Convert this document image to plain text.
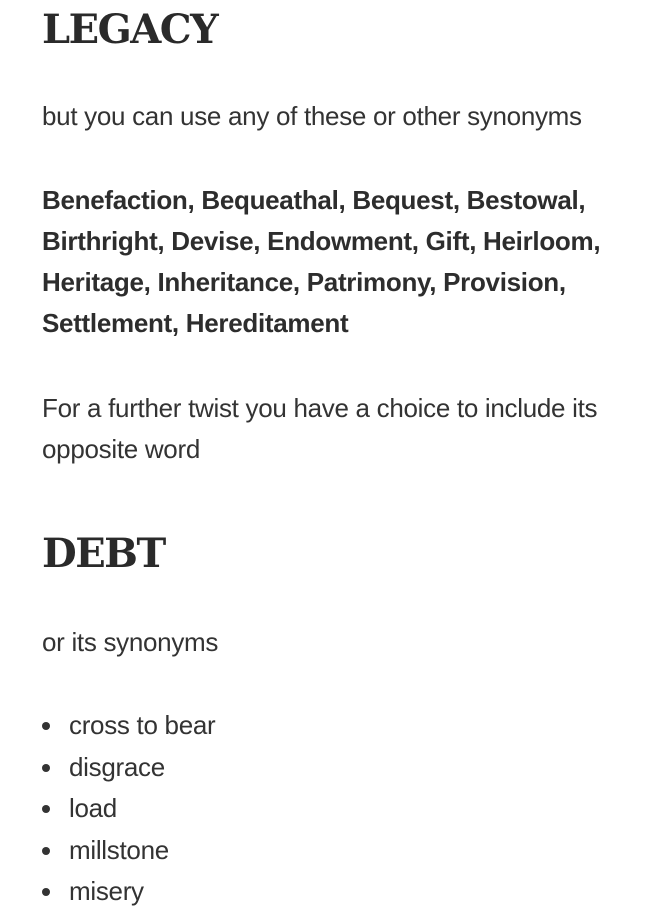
LEGACY

but you can use any of these or other synonyms

Benefaction, Bequeathal, Bequest, Bestowal, Birthright, Devise, Endowment, Gift, Heirloom, Heritage, Inheritance, Patrimony, Provision, Settlement, Hereditament

For a further twist you have a choice to include its opposite word

DEBT

or its synonyms

cross to bear
disgrace
load
millstone
misery
